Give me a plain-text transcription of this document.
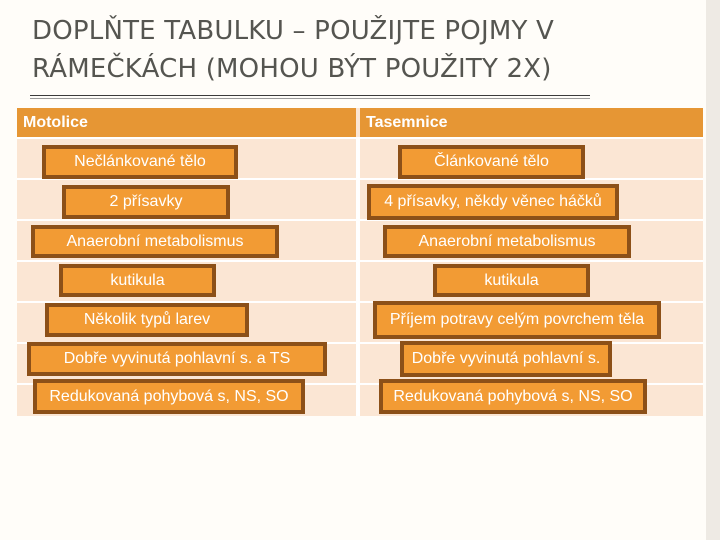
DOPLŇTE TABULKU – POUŽIJTE POJMY V
RÁMEČKÁCH (MOHOU BÝT POUŽITY 2X)
Motolice	Tasemnice
Nečlánkované tělo
2 přísavky
Anaerobní metabolismus
kutikula
Několik typů larev
Dobře vyvinutá pohlavní s. a TS
Redukovaná pohybová s, NS, SO
Článkované tělo
4 přísavky, někdy věnec háčků
Anaerobní metabolismus
kutikula
Příjem potravy celým povrchem těla
Dobře vyvinutá pohlavní s.
Redukovaná pohybová s, NS, SO
